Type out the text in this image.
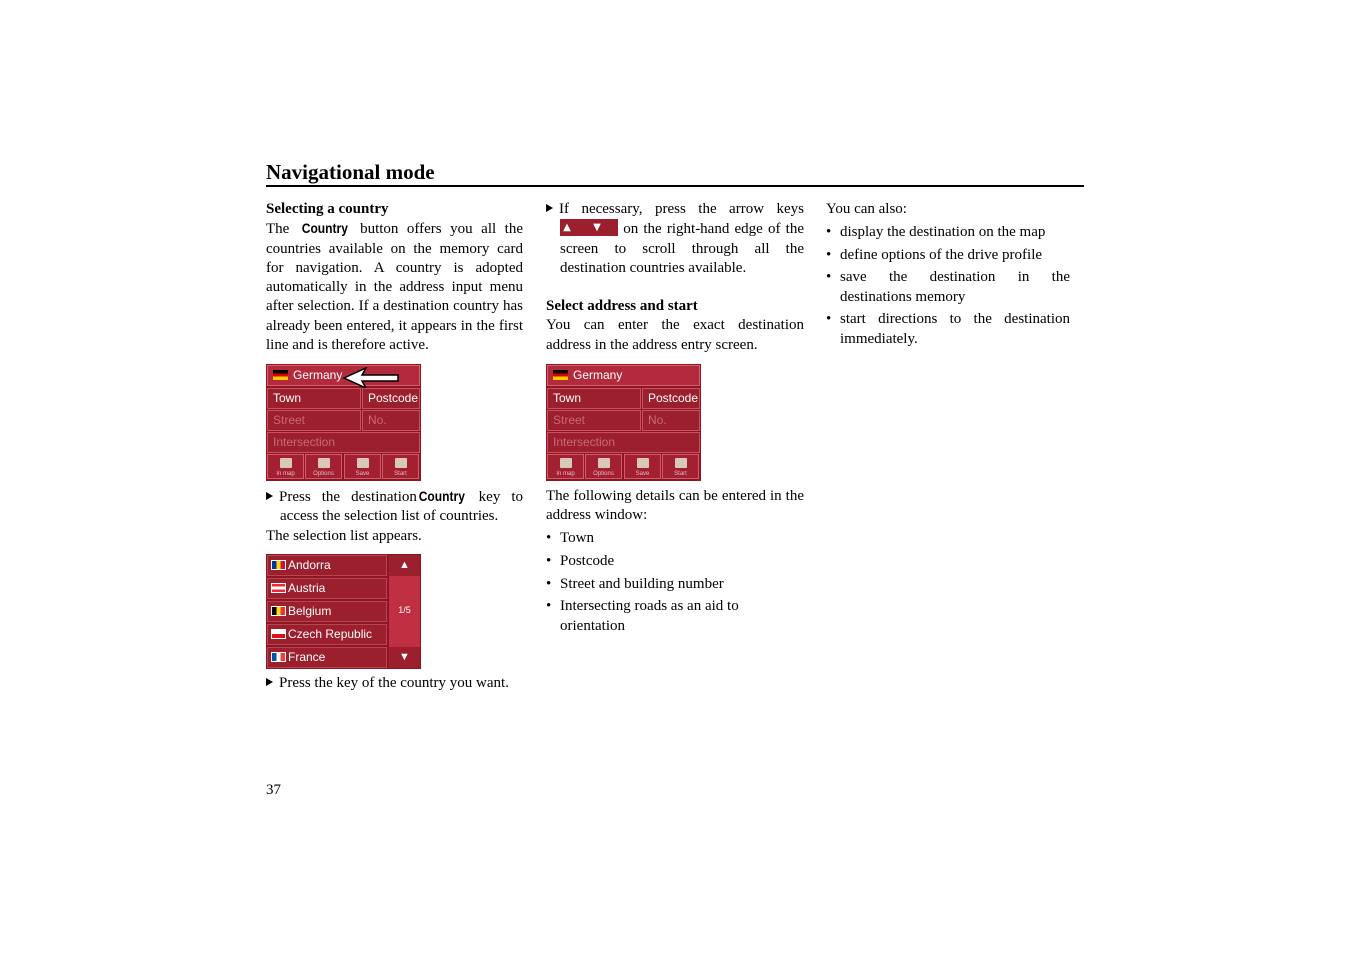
Navigational mode

Selecting a country

The Country button offers you all the countries available on the memory card for navigation. A country is adopted automatically in the address input menu after selection. If a destination country has already been entered, it appears in the first line and is therefore active.

Germany
Town	Postcode
Street	No.
Intersection
In map	Options	Save	Start

Press the destination Country key to access the selection list of countries.

The selection list appears.

Andorra
Austria
Belgium
Czech Republic
France
▲
1/5
▼

Press the key of the country you want.

If necessary, press the arrow keys
▲	▼	on the right-hand edge of the screen to scroll through all the destination countries available.

Select address and start

You can enter the exact destination address in the address entry screen.

Germany
Town	Postcode
Street	No.
Intersection
In map	Options	Save	Start

The following details can be entered in the address window:

• Town
• Postcode
• Street and building number
• Intersecting roads as an aid to orientation

You can also:

• display the destination on the map
• define options of the drive profile
• save the destination in the destinations memory
• start directions to the destination immediately.
37
